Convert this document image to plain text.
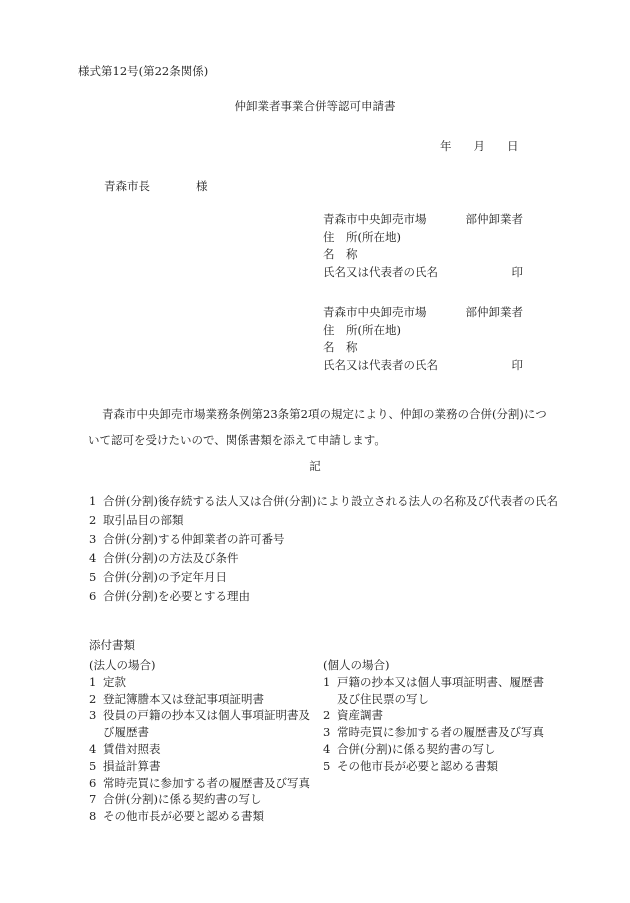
様式第12号(第22条関係)
仲卸業者事業合併等認可申請書
年 月 日
青森市長	様
青森市中央卸売市場	部仲卸業者
住　所(所在地)
名　称
氏名又は代表者の氏名	印
青森市中央卸売市場	部仲卸業者
住　所(所在地)
名　称
氏名又は代表者の氏名	印
青森市中央卸売市場業務条例第23条第2項の規定により、仲卸の業務の合併(分割)について認可を受けたいので、関係書類を添えて申請します。
記
1 合併(分割)後存続する法人又は合併(分割)により設立される法人の名称及び代表者の氏名
2 取引品目の部類
3 合併(分割)する仲卸業者の許可番号
4 合併(分割)の方法及び条件
5 合併(分割)の予定年月日
6 合併(分割)を必要とする理由
添付書類
(法人の場合)
1 定款
2 登記簿謄本又は登記事項証明書
3 役員の戸籍の抄本又は個人事項証明書及び履歴書
4 賃借対照表
5 損益計算書
6 常時売買に参加する者の履歴書及び写真
7 合併(分割)に係る契約書の写し
8 その他市長が必要と認める書類
(個人の場合)
1 戸籍の抄本又は個人事項証明書、履歴書及び住民票の写し
2 資産調書
3 常時売買に参加する者の履歴書及び写真
4 合併(分割)に係る契約書の写し
5 その他市長が必要と認める書類
